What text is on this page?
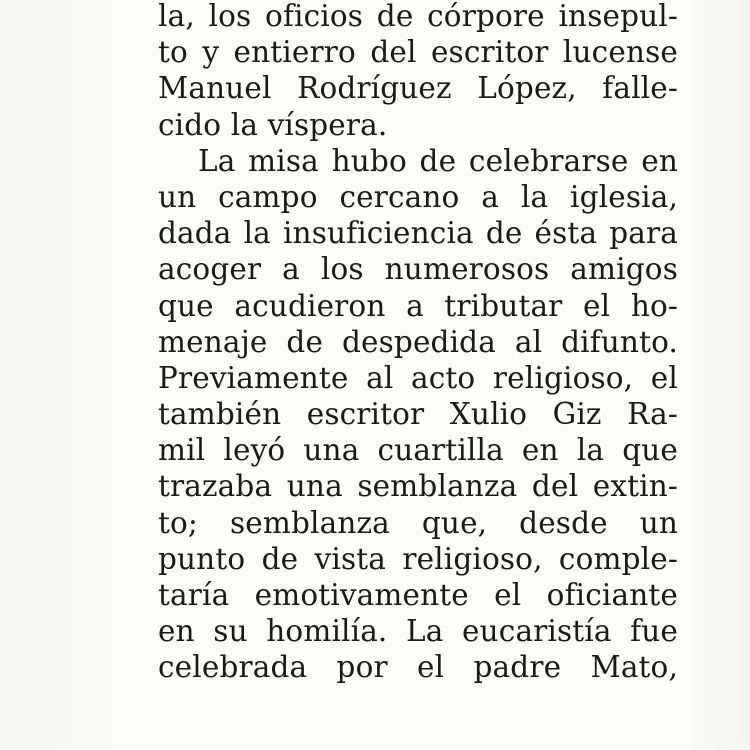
la, los oficios de córpore insepul-
to y entierro del escritor lucense
Manuel Rodríguez López, falle-
cido la víspera.
La misa hubo de celebrarse en
un campo cercano a la iglesia,
dada la insuficiencia de ésta para
acoger a los numerosos amigos
que acudieron a tributar el ho-
menaje de despedida al difunto.
Previamente al acto religioso, el
también escritor Xulio Giz Ra-
mil leyó una cuartilla en la que
trazaba una semblanza del extin-
to; semblanza que, desde un
punto de vista religioso, comple-
taría emotivamente el oficiante
en su homilía. La eucaristía fue
celebrada por el padre Mato,
